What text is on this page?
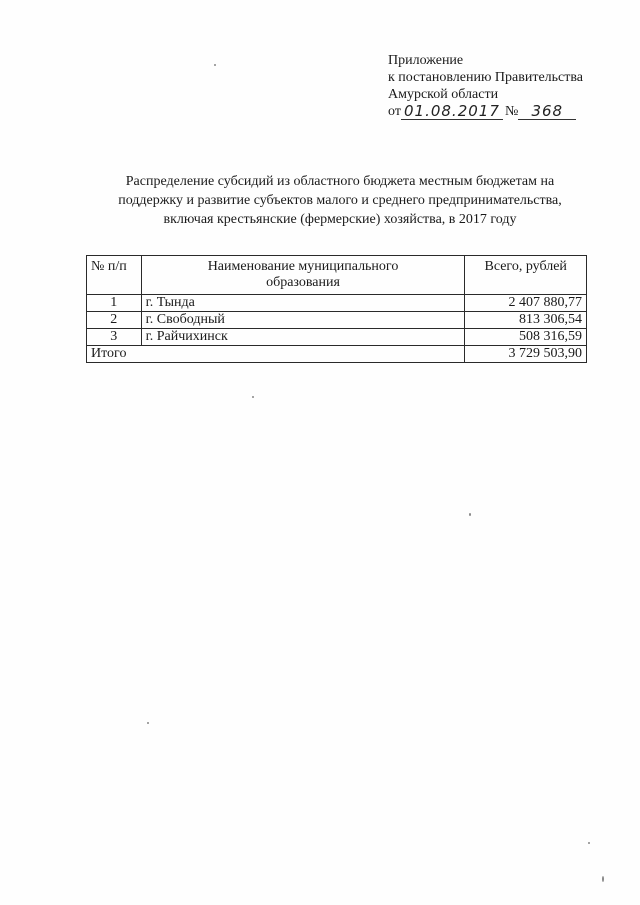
Приложение
к постановлению Правительства
Амурской области
от 01.08.2017 № 368
Распределение субсидий из областного бюджета местным бюджетам на
поддержку и развитие субъектов малого и среднего предпринимательства,
включая крестьянские (фермерские) хозяйства, в 2017 году
№ п/п	Наименование муниципального образования	Всего, рублей
1	г. Тында	2 407 880,77
2	г. Свободный	813 306,54
3	г. Райчихинск	508 316,59
Итого		3 729 503,90
